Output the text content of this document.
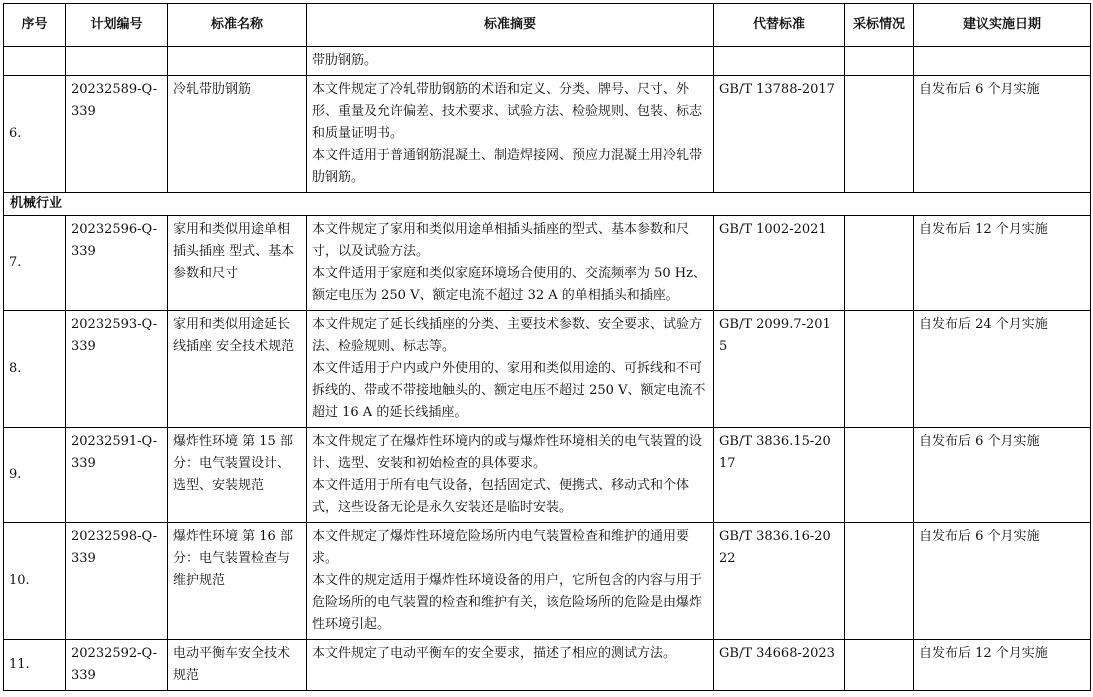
序号	计划编号	标准名称	标准摘要	代替标准	采标情况	建议实施日期

			带肋钢筋。			

6.	20232589-Q-339	冷轧带肋钢筋	本文件规定了冷轧带肋钢筋的术语和定义、分类、牌号、尺寸、外形、重量及允许偏差、技术要求、试验方法、检验规则、包装、标志和质量证明书。
本文件适用于普通钢筋混凝土、制造焊接网、预应力混凝土用冷轧带肋钢筋。	GB/T 13788-2017		自发布后 6 个月实施
机械行业						
7.	20232596-Q-339	家用和类似用途单相插头插座 型式、基本参数和尺寸	本文件规定了家用和类似用途单相插头插座的型式、基本参数和尺寸，以及试验方法。
本文件适用于家庭和类似家庭环境场合使用的、交流频率为 50 Hz、额定电压为 250 V、额定电流不超过 32 A 的单相插头和插座。	GB/T 1002-2021		自发布后 12 个月实施
8.	20232593-Q-339	家用和类似用途延长线插座 安全技术规范	本文件规定了延长线插座的分类、主要技术参数、安全要求、试验方法、检验规则、标志等。
本文件适用于户内或户外使用的、家用和类似用途的、可拆线和不可拆线的、带或不带接地触头的、额定电压不超过 250 V、额定电流不超过 16 A 的延长线插座。	GB/T 2099.7-2015		自发布后 24 个月实施
9.	20232591-Q-339	爆炸性环境 第 15 部分：电气装置设计、选型、安装规范	本文件规定了在爆炸性环境内的或与爆炸性环境相关的电气装置的设计、选型、安装和初始检查的具体要求。
本文件适用于所有电气设备，包括固定式、便携式、移动式和个体式，这些设备无论是永久安装还是临时安装。	GB/T 3836.15-2017		自发布后 6 个月实施
10.	20232598-Q-339	爆炸性环境 第 16 部分：电气装置检查与维护规范	本文件规定了爆炸性环境危险场所内电气装置检查和维护的通用要求。
本文件的规定适用于爆炸性环境设备的用户，它所包含的内容与用于危险场所的电气装置的检查和维护有关，该危险场所的危险是由爆炸性环境引起。	GB/T 3836.16-2022		自发布后 6 个月实施
11.	20232592-Q-339	电动平衡车安全技术规范	本文件规定了电动平衡车的安全要求，描述了相应的测试方法。	GB/T 34668-2023		自发布后 12 个月实施
